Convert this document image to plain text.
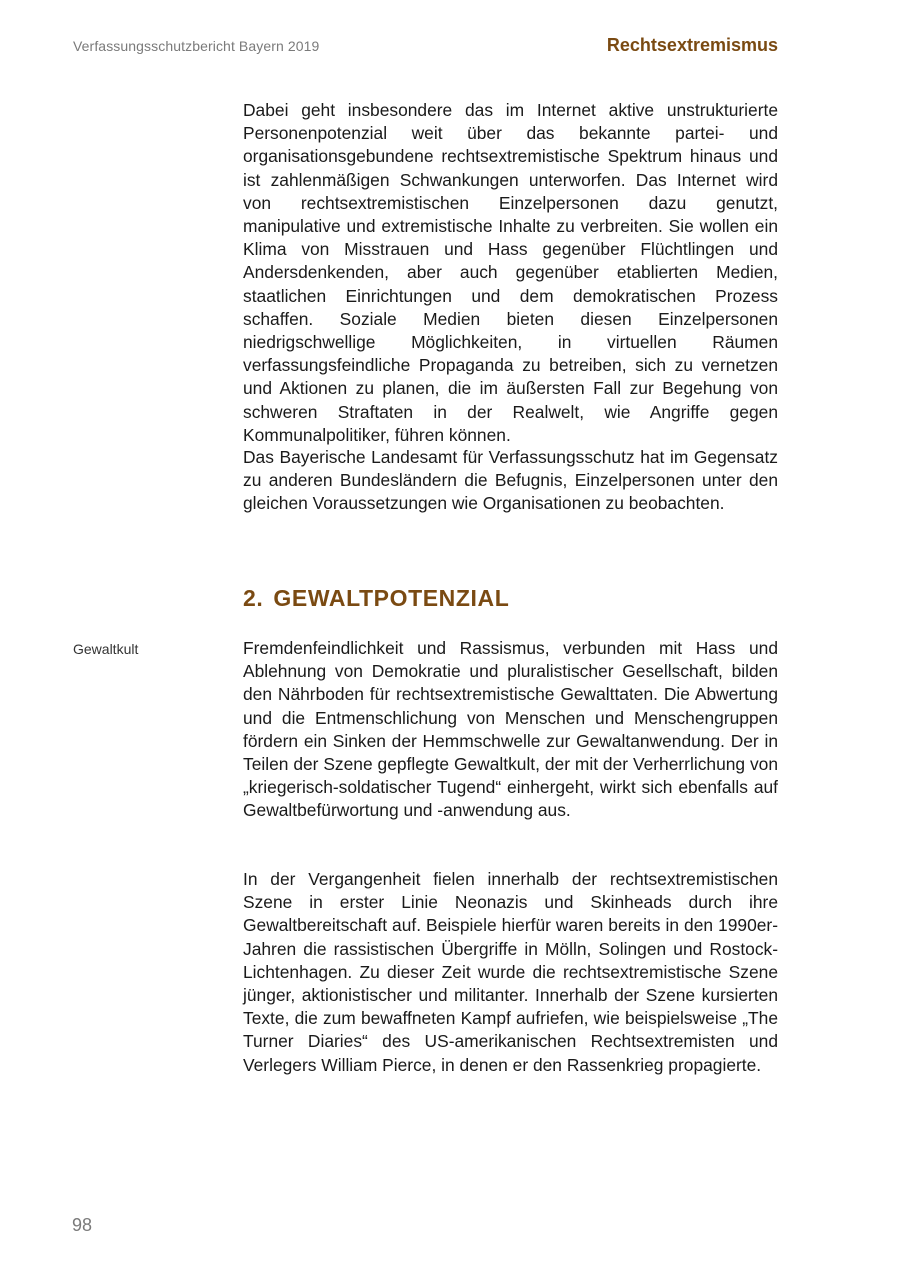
Verfassungsschutzbericht Bayern 2019	Rechtsextremismus

Dabei geht insbesondere das im Internet aktive unstrukturierte Personenpotenzial weit über das bekannte partei- und organisationsgebundene rechtsextremistische Spektrum hinaus und ist zahlenmäßigen Schwankungen unterworfen. Das Internet wird von rechtsextremistischen Einzelpersonen dazu genutzt, manipulative und extremistische Inhalte zu verbreiten. Sie wollen ein Klima von Misstrauen und Hass gegenüber Flüchtlingen und Andersdenkenden, aber auch gegenüber etablierten Medien, staatlichen Einrichtungen und dem demokratischen Prozess schaffen. Soziale Medien bieten diesen Einzelpersonen niedrigschwellige Möglichkeiten, in virtuellen Räumen verfassungsfeindliche Propaganda zu betreiben, sich zu vernetzen und Aktionen zu planen, die im äußersten Fall zur Begehung von schweren Straftaten in der Realwelt, wie Angriffe gegen Kommunalpolitiker, führen können.

Das Bayerische Landesamt für Verfassungsschutz hat im Gegensatz zu anderen Bundesländern die Befugnis, Einzelpersonen unter den gleichen Voraussetzungen wie Organisationen zu beobachten.

2. GEWALTPOTENZIAL
Gewaltkult	Fremdenfeindlichkeit und Rassismus, verbunden mit Hass und Ablehnung von Demokratie und pluralistischer Gesellschaft, bilden den Nährboden für rechtsextremistische Gewalttaten. Die Abwertung und die Entmenschlichung von Menschen und Menschengruppen fördern ein Sinken der Hemmschwelle zur Gewaltanwendung. Der in Teilen der Szene gepflegte Gewaltkult, der mit der Verherrlichung von „kriegerisch-soldatischer Tugend“ einhergeht, wirkt sich ebenfalls auf Gewaltbefürwortung und -anwendung aus.

In der Vergangenheit fielen innerhalb der rechtsextremistischen Szene in erster Linie Neonazis und Skinheads durch ihre Gewaltbereitschaft auf. Beispiele hierfür waren bereits in den 1990er-Jahren die rassistischen Übergriffe in Mölln, Solingen und Rostock-Lichtenhagen. Zu dieser Zeit wurde die rechtsextremistische Szene jünger, aktionistischer und militanter. Innerhalb der Szene kursierten Texte, die zum bewaffneten Kampf aufriefen, wie beispielsweise „The Turner Diaries“ des US-amerikanischen Rechtsextremisten und Verlegers William Pierce, in denen er den Rassenkrieg propagierte.

98
